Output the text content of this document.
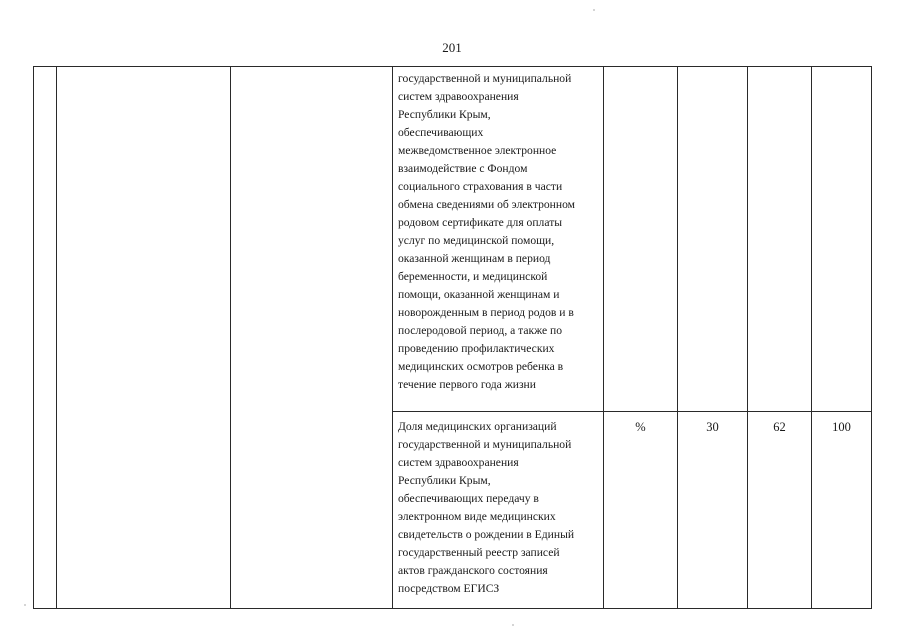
201
государственной и муниципальной
систем здравоохранения
Республики Крым,
обеспечивающих
межведомственное электронное
взаимодействие с Фондом
социального страхования в части
обмена сведениями об электронном
родовом сертификате для оплаты
услуг по медицинской помощи,
оказанной женщинам в период
беременности, и медицинской
помощи, оказанной женщинам и
новорожденным в период родов и в
послеродовой период, а также по
проведению профилактических
медицинских осмотров ребенка в
течение первого года жизни
Доля медицинских организаций
государственной и муниципальной
систем здравоохранения
Республики Крым,
обеспечивающих передачу в
электронном виде медицинских
свидетельств о рождении в Единый
государственный реестр записей
актов гражданского состояния
посредством ЕГИСЗ
%	30	62	100
